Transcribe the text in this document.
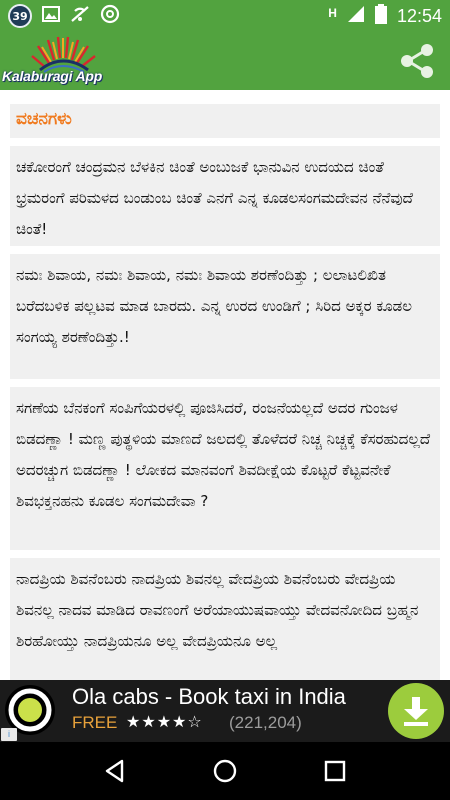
39	H	12:54
Kalaburagi App
ವಚನಗಳು
ಚಕೋರಂಗೆ ಚಂದ್ರಮನ ಬೆಳಕಿನ ಚಿಂತೆ ಅಂಬುಜಕೆ ಭಾನುವಿನ ಉದಯದ ಚಿಂತೆ ಭ್ರಮರಂಗೆ ಪರಿಮಳದ ಬಂಡುಂಬ ಚಿಂತೆ ಎನಗೆ ಎನ್ನ ಕೂಡಲಸಂಗಮದೇವನ ನೆನೆವುದೆ ಚಿಂತೆ!
ನಮಃ ಶಿವಾಯ, ನಮಃ ಶಿವಾಯ, ನಮಃ ಶಿವಾಯ ಶರಣೆಂದಿತ್ತು ; ಲಲಾಟಲಿಖಿತ ಬರೆದಬಳಿಕ ಪಲ್ಲಟವ ಮಾಡ ಬಾರದು. ಎನ್ನ ಉರದ ಉಂಡಿಗೆ ; ಸಿರಿದ ಅಕ್ಕರ ಕೂಡಲ ಸಂಗಯ್ಯ ಶರಣೆಂದಿತ್ತು.!
ಸಗಣೆಯ ಬೆನಕಂಗೆ ಸಂಪಿಗೆಯರಳಲ್ಲಿ ಪೂಜಿಸಿದರೆ, ರಂಜನೆಯಲ್ಲದೆ ಅದರ ಗುಂಜಳ ಬಿಡದಣ್ಣಾ ! ಮಣ್ಣ ಪುತ್ಥಳಿಯ ಮಾಣದೆ ಜಲದಲ್ಲಿ ತೊಳೆದರೆ ನಿಚ್ಚ ನಿಚ್ಚಕ್ಕೆ ಕೆಸರಹುದಲ್ಲದೆ ಅದರಚ್ಚುಗ ಬಿಡದಣ್ಣಾ ! ಲೋಕದ ಮಾನವಂಗೆ ಶಿವದೀಕ್ಷೆಯ ಕೊಟ್ಟರೆ ಕೆಟ್ಟವನೇಕೆ ಶಿವಭಕ್ತನಹನು ಕೂಡಲ ಸಂಗಮದೇವಾ ?
ನಾದಪ್ರಿಯ ಶಿವನೆಂಬರು ನಾದಪ್ರಿಯ ಶಿವನಲ್ಲ ವೇದಪ್ರಿಯ ಶಿವನೆಂಬರು ವೇದಪ್ರಿಯ ಶಿವನಲ್ಲ ನಾದವ ಮಾಡಿದ ರಾವಣಂಗೆ ಅರೆಯಾಯುಷವಾಯ್ತು ವೇದವನೋದಿದ ಬ್ರಹ್ಮನ ಶಿರಹೋಯ್ತು ನಾದಪ್ರಿಯನೂ ಅಲ್ಲ ವೇದಪ್ರಿಯನೂ ಅಲ್ಲ
i
Ola cabs - Book taxi in India
FREE ★★★★☆ (221,204)
